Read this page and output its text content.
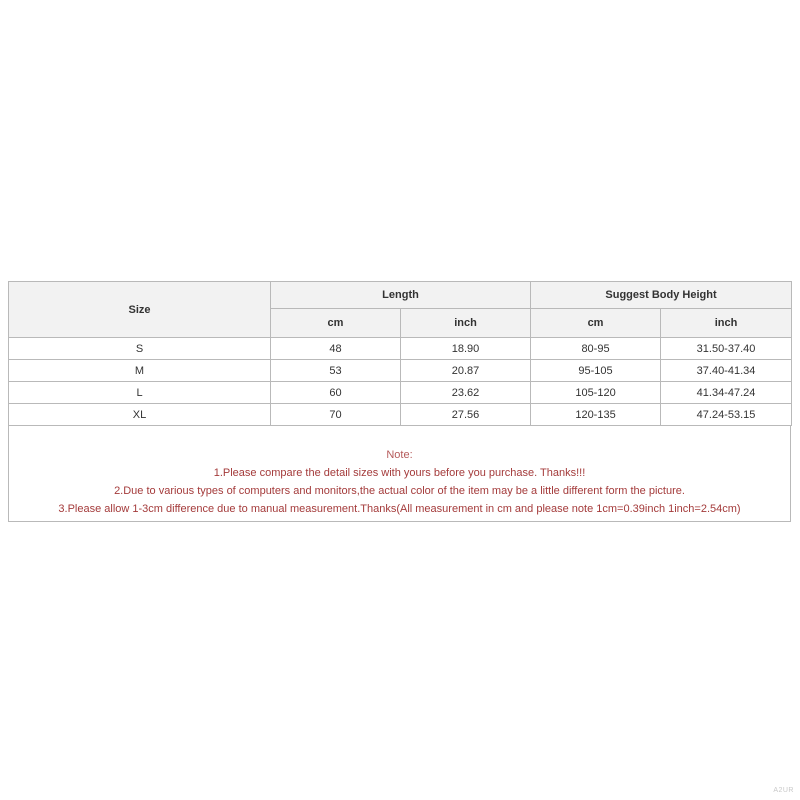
Size	Length		Suggest Body Height	
	cm	inch	cm	inch
S	48	18.90	80-95	31.50-37.40
M	53	20.87	95-105	37.40-41.34
L	60	23.62	105-120	41.34-47.24
XL	70	27.56	120-135	47.24-53.15
Note:
1.Please compare the detail sizes with yours before you purchase. Thanks!!!
2.Due to various types of computers and monitors,the actual color of the item may be a little different form the picture.
3.Please allow 1-3cm difference due to manual measurement.Thanks(All measurement in cm and please note 1cm=0.39inch 1inch=2.54cm)
A2UR
